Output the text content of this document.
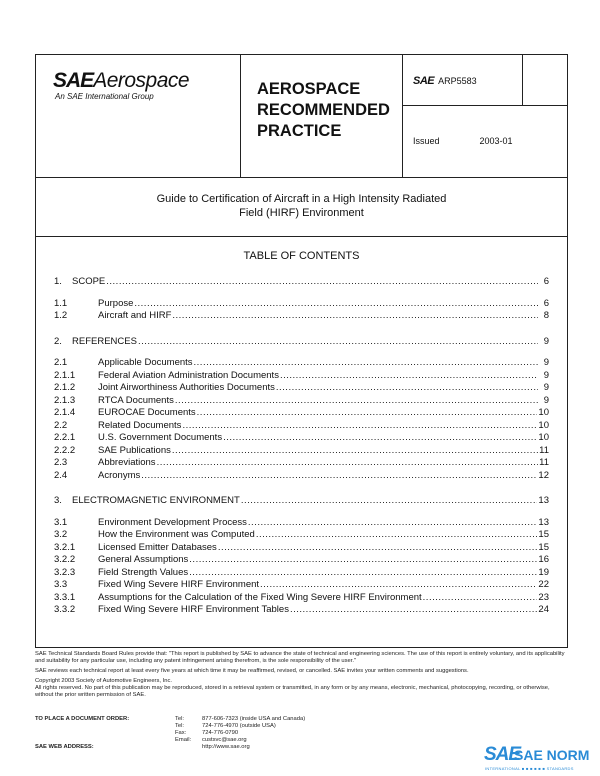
SAEAerospace
An SAE International Group	AEROSPACE
RECOMMENDED
PRACTICE
SAE ARP5583
Issued	2003-01
Guide to Certification of Aircraft in a High Intensity Radiated
Field (HIRF) Environment
TABLE OF CONTENTS
1.	SCOPE .....	6
1.1	Purpose .....	6
1.2	Aircraft and HIRF .....	8
2.	REFERENCES .....	9
2.1	Applicable Documents .....	9
2.1.1	Federal Aviation Administration Documents .....	9
2.1.2	Joint Airworthiness Authorities Documents .....	9
2.1.3	RTCA Documents .....	9
2.1.4	EUROCAE Documents .....	10
2.2	Related Documents .....	10
2.2.1	U.S. Government Documents .....	10
2.2.2	SAE Publications .....	11
2.3	Abbreviations .....	11
2.4	Acronyms .....	12
3.	ELECTROMAGNETIC ENVIRONMENT .....	13
3.1	Environment Development Process .....	13
3.2	How the Environment was Computed .....	15
3.2.1	Licensed Emitter Databases .....	15
3.2.2	General Assumptions .....	16
3.2.3	Field Strength Values .....	19
3.3	Fixed Wing Severe HIRF Environment .....	22
3.3.1	Assumptions for the Calculation of the Fixed Wing Severe HIRF Environment .....	23
3.3.2	Fixed Wing Severe HIRF Environment Tables .....	24

SAE Technical Standards Board Rules provide that: "This report is published by SAE to advance the state of technical and engineering sciences. The use of this report is entirely voluntary, and its applicability and suitability for any particular use, including any patent infringement arising therefrom, is the sole responsibility of the user."

SAE reviews each technical report at least every five years at which time it may be reaffirmed, revised, or cancelled. SAE invites your written comments and suggestions.

Copyright 2003 Society of Automotive Engineers, Inc.

All rights reserved. No part of this publication may be reproduced, stored in a retrieval system or transmitted, in any form or by any means, electronic, mechanical, photocopying, recording, or otherwise, without the prior written permission of SAE.

TO PLACE A DOCUMENT ORDER:	Tel:	877-606-7323 (inside USA and Canada)
Tel:	724-776-4970 (outside USA)
Fax:	724-776-0790
Email:	custsvc@sae.org
SAE WEB ADDRESS:	http://www.sae.org	SAE
SAE NORM
INTERNATIONAL ■ ■ ■ ■ ■ ■ STANDARDS
